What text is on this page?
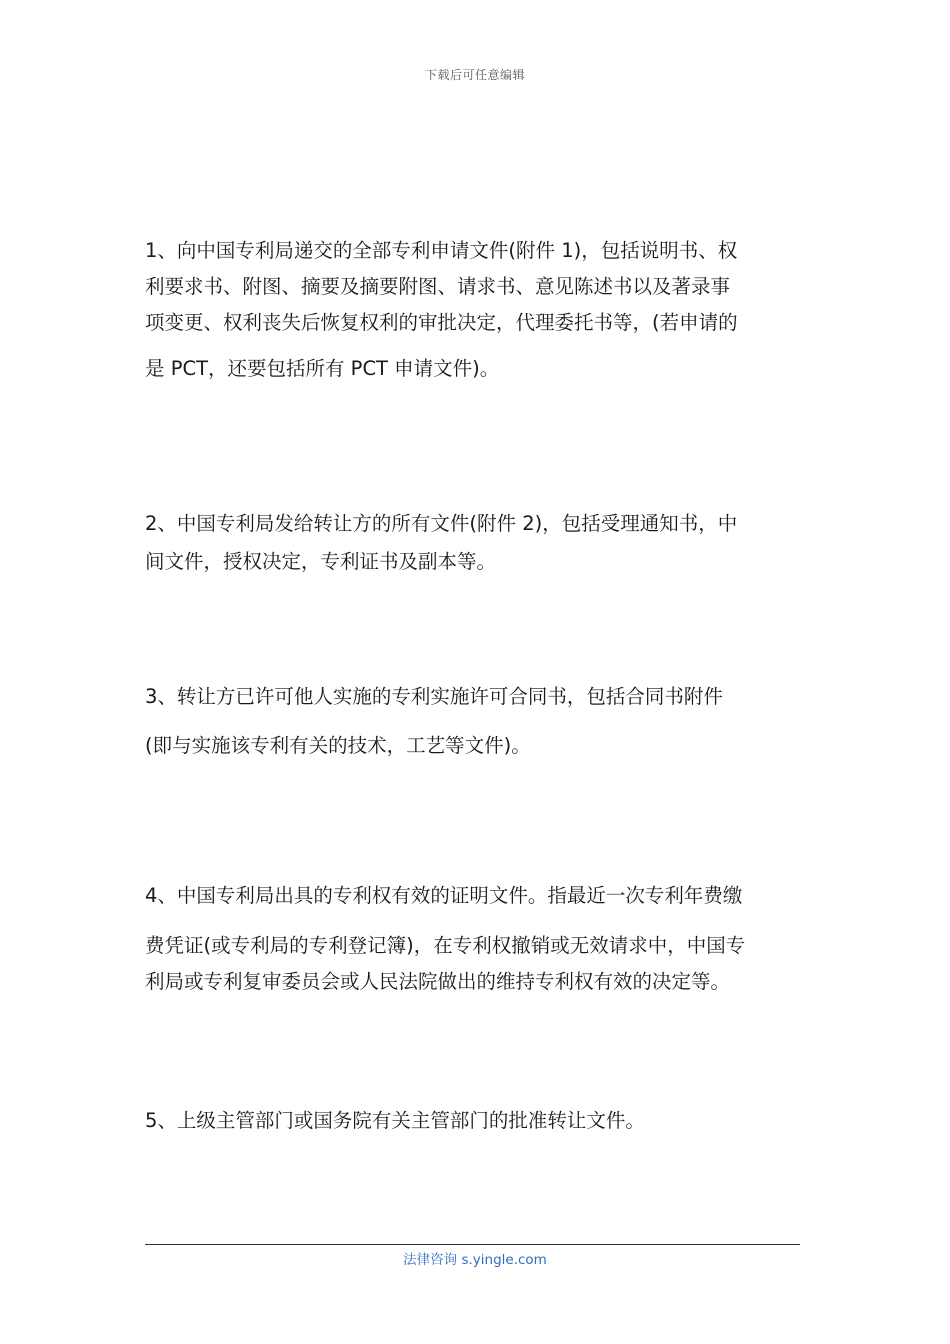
下载后可任意编辑
1、向中国专利局递交的全部专利申请文件(附件 1)，包括说明书、权
利要求书、附图、摘要及摘要附图、请求书、意见陈述书以及著录事
项变更、权利丧失后恢复权利的审批决定，代理委托书等，(若申请的
是 PCT，还要包括所有 PCT 申请文件)。
2、中国专利局发给转让方的所有文件(附件 2)，包括受理通知书，中
间文件，授权决定，专利证书及副本等。
3、转让方已许可他人实施的专利实施许可合同书，包括合同书附件
(即与实施该专利有关的技术，工艺等文件)。
4、中国专利局出具的专利权有效的证明文件。指最近一次专利年费缴
费凭证(或专利局的专利登记簿)，在专利权撤销或无效请求中，中国专
利局或专利复审委员会或人民法院做出的维持专利权有效的决定等。
5、上级主管部门或国务院有关主管部门的批准转让文件。
法律咨询 s.yingle.com
